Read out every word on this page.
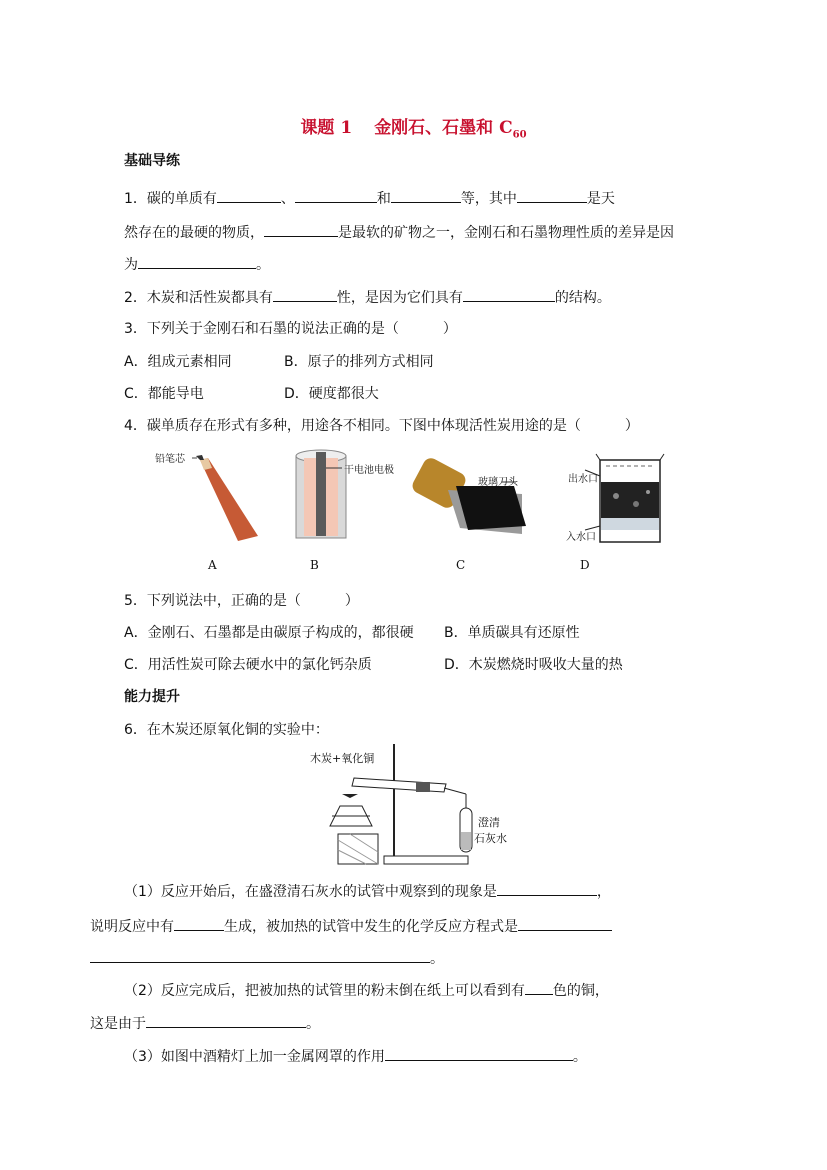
课题 1 金刚石、石墨和 $C_{60}$
基础导练
1．碳的单质有	、	和	等，其中	是天
然存在的最硬的物质，	是最软的矿物之一，金刚石和石墨物理性质的差异是因
为	。
2．木炭和活性炭都具有	性，是因为它们具有	的结构。
3．下列关于金刚石和石墨的说法正确的是（	）
A．组成元素相同	B．原子的排列方式相同
C．都能导电	D．硬度都很大
4．碳单质存在形式有多种，用途各不相同。下图中体现活性炭用途的是（	）
铅笔芯
干电池电极
玻璃刀头	出水口
入水口
A	B	C	D
5．下列说法中，正确的是（	）
A．金刚石、石墨都是由碳原子构成的，都很硬 B．单质碳具有还原性
C．用活性炭可除去硬水中的氯化钙杂质	D．木炭燃烧时吸收大量的热
能力提升
6．在木炭还原氧化铜的实验中：
木炭+氧化铜
澄清
石灰水
（1）反应开始后，在盛澄清石灰水的试管中观察到的现象是	，
说明反应中有	生成，被加热的试管中发生的化学反应方程式是
。
（2）反应完成后，把被加热的试管里的粉末倒在纸上可以看到有 色的铜，
这是由于	。
（3）如图中酒精灯上加一金属网罩的作用	。
